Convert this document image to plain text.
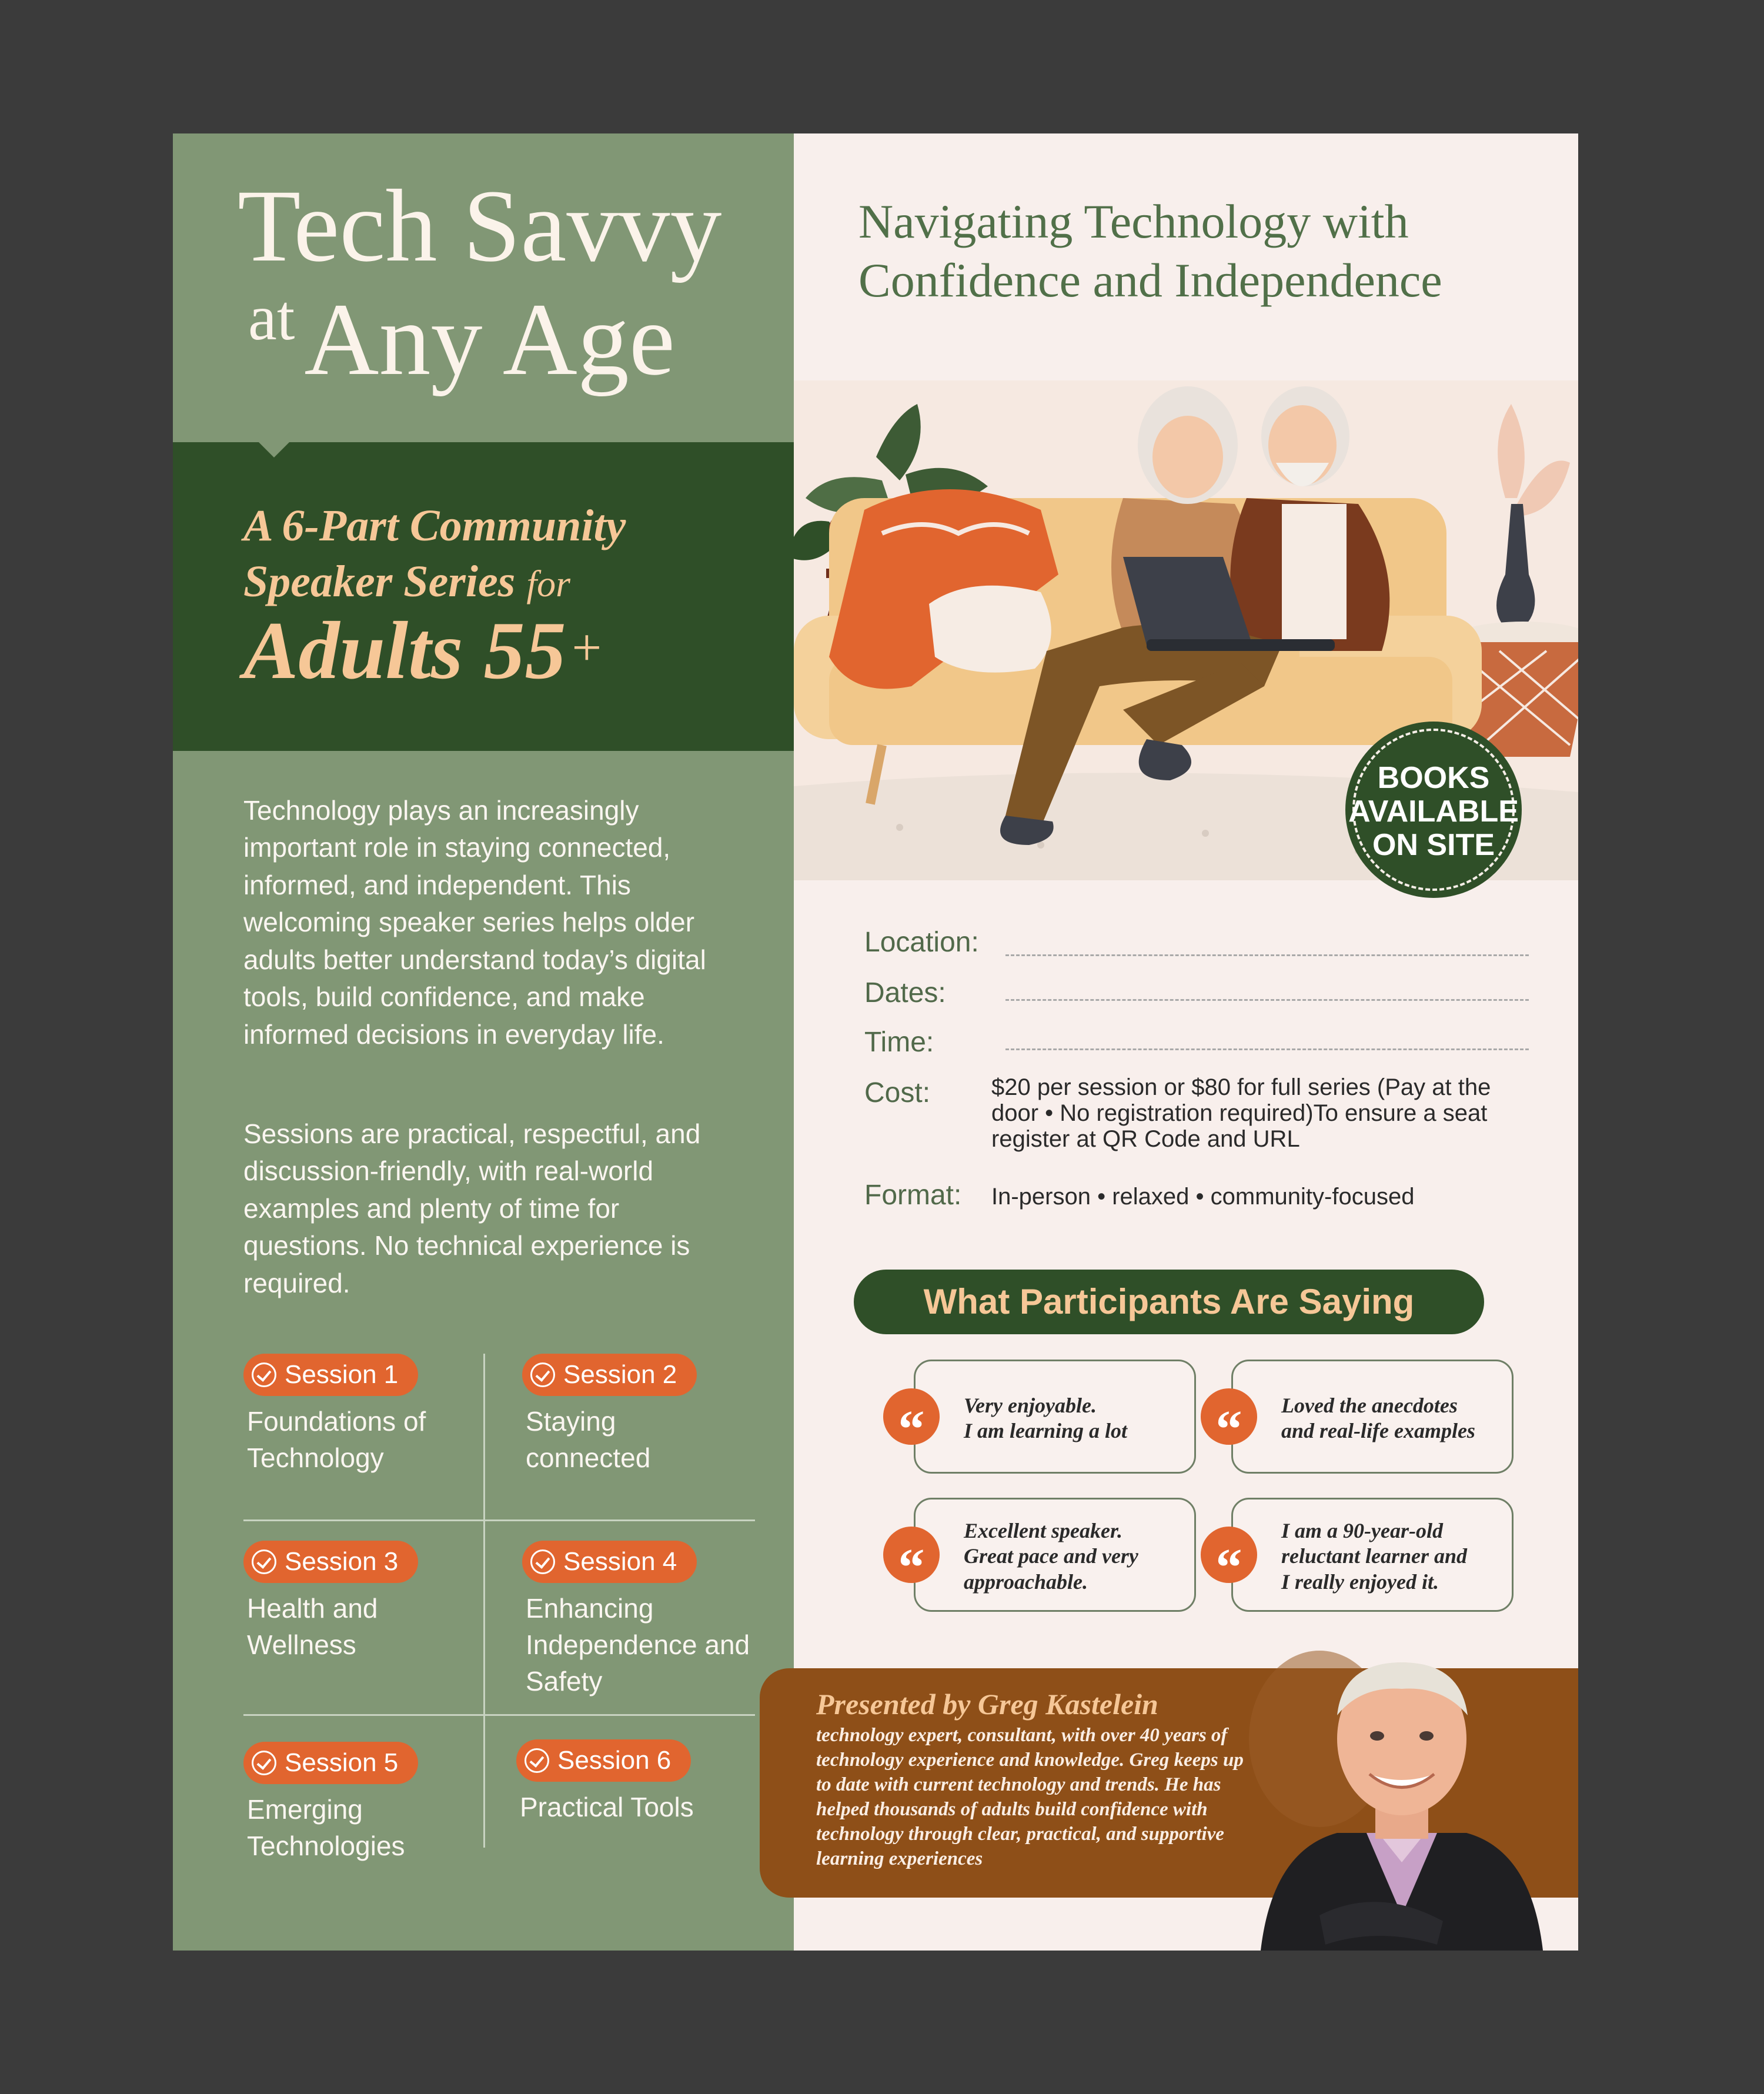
Tech Savvy
atAny Age
A 6-Part Community
Speaker Series for
Adults 55 +
Technology plays an increasingly important role in staying connected, informed, and independent. This welcoming speaker series helps older adults better understand today’s digital tools, build confidence, and make informed decisions in everyday life.
Sessions are practical, respectful, and discussion-friendly, with real-world examples and plenty of time for questions. No technical experience is required.
Session 1
Foundations of Technology
Session 2
Staying connected
Session 3
Health and Wellness
Session 4
Enhancing Independence and Safety
Session 5
Emerging Technologies
Session 6
Practical Tools
Navigating Technology with
Confidence and Independence
BOOKS
AVAILABLE
ON SITE
Location:
Dates:
Time:
Cost:	$20 per session or $80 for full series (Pay at the
door • No registration required)To ensure a seat
register at QR Code and URL
Format: In-person • relaxed • community-focused
What Participants Are Saying
Very enjoyable.
I am learning a lot
“	Loved the anecdotes
and real-life examples
“
Excellent speaker.
Great pace and very
approachable.
“
I am a 90-year-old
reluctant learner and
I really enjoyed it.
“
Presented by Greg Kastelein
technology expert, consultant, with over 40 years of
technology experience and knowledge. Greg keeps up
to date with current technology and trends. He has
helped thousands of adults build confidence with
technology through clear, practical, and supportive
learning experiences
